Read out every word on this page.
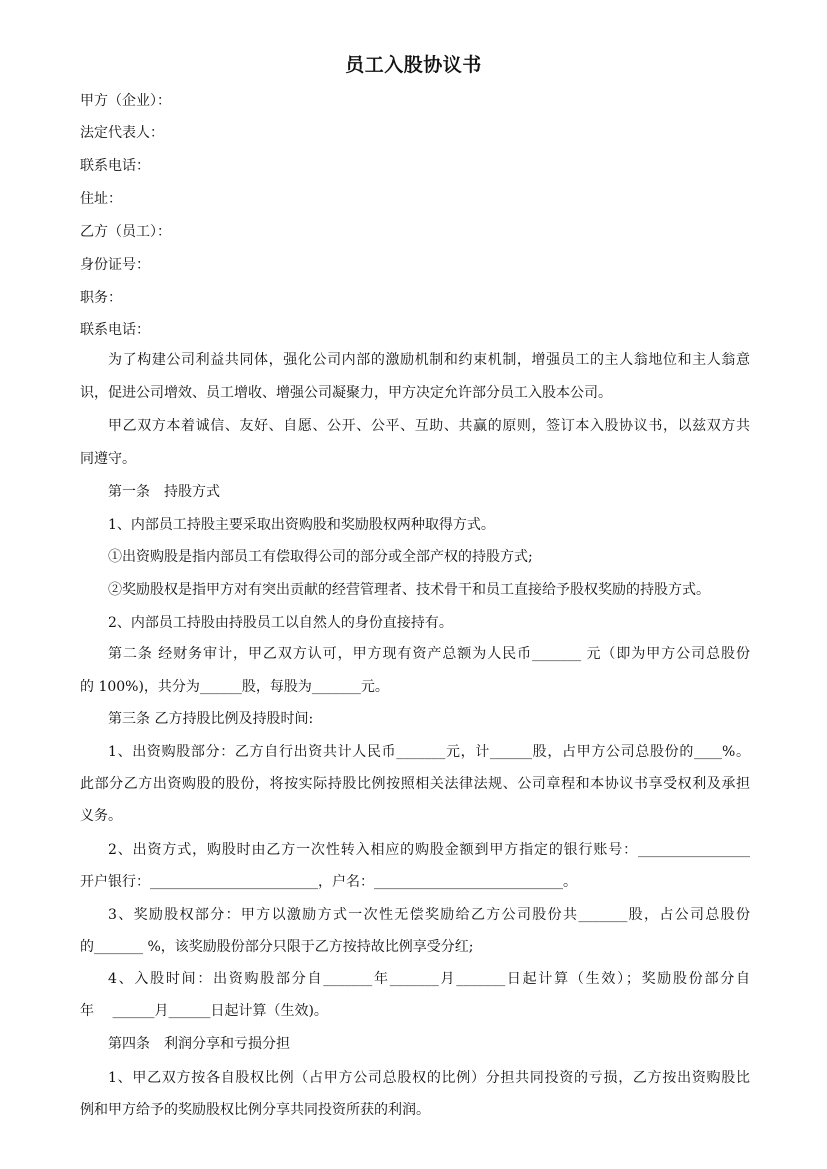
员工入股协议书
甲方（企业）：
法定代表人：
联系电话：
住址：
乙方（员工）：
身份证号：
职务：
联系电话：
为了构建公司利益共同体，强化公司内部的激励机制和约束机制，增强员工的主人翁地位和主人翁意
识，促进公司增效、员工增收、增强公司凝聚力，甲方决定允许部分员工入股本公司。
甲乙双方本着诚信、友好、自愿、公开、公平、互助、共赢的原则，签订本入股协议书，以兹双方共
同遵守。
第一条　持股方式
1、内部员工持股主要采取出资购股和奖励股权两种取得方式。
①出资购股是指内部员工有偿取得公司的部分或全部产权的持股方式;
②奖励股权是指甲方对有突出贡献的经营管理者、技术骨干和员工直接给予股权奖励的持股方式。
2、内部员工持股由持股员工以自然人的身份直接持有。
第二条 经财务审计，甲乙双方认可，甲方现有资产总额为人民币_______ 元（即为甲方公司总股份
的 100%)，共分为______股，每股为_______元。
第三条 乙方持股比例及持股时间:
1、出资购股部分：乙方自行出资共计人民币_______元，计______股，占甲方公司总股份的____%。
此部分乙方出资购股的股份，将按实际持股比例按照相关法律法规、公司章程和本协议书享受权利及承担
义务。
2、出资方式，购股时由乙方一次性转入相应的购股金额到甲方指定的银行账号：________________
开户银行：________________________，户名：___________________________。
3、奖励股权部分：甲方以激励方式一次性无偿奖励给乙方公司股份共_______股，占公司总股份
的_______ %，该奖励股份部分只限于乙方按持故比例享受分红;
4、入股时间：出资购股部分自_______年_______月_______日起计算（生效）；奖励股份部分自
年　 ______月______日起计算（生效)。
第四条　利润分享和亏损分担
1、甲乙双方按各自股权比例（占甲方公司总股权的比例）分担共同投资的亏损，乙方按出资购股比
例和甲方给予的奖励股权比例分享共同投资所获的利润。
